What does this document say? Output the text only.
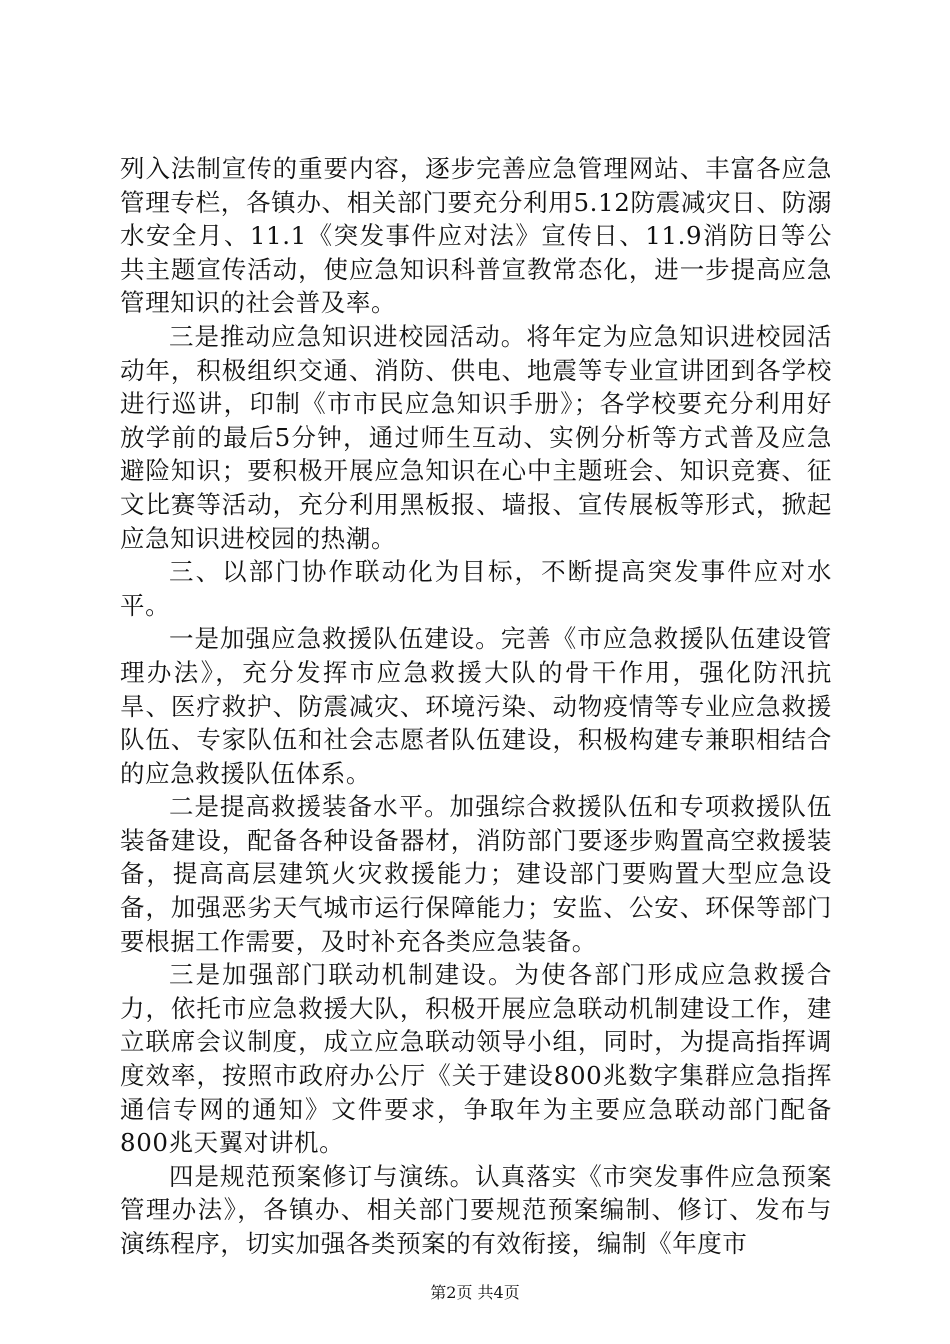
列入法制宣传的重要内容，逐步完善应急管理网站、丰富各应急管理专栏，各镇办、相关部门要充分利用5.12防震减灾日、防溺水安全月、11.1《突发事件应对法》宣传日、11.9消防日等公共主题宣传活动，使应急知识科普宣教常态化，进一步提高应急管理知识的社会普及率。

三是推动应急知识进校园活动。将年定为应急知识进校园活动年，积极组织交通、消防、供电、地震等专业宣讲团到各学校进行巡讲，印制《市市民应急知识手册》；各学校要充分利用好放学前的最后5分钟，通过师生互动、实例分析等方式普及应急避险知识；要积极开展应急知识在心中主题班会、知识竞赛、征文比赛等活动，充分利用黑板报、墙报、宣传展板等形式，掀起应急知识进校园的热潮。

三、以部门协作联动化为目标，不断提高突发事件应对水平。

一是加强应急救援队伍建设。完善《市应急救援队伍建设管理办法》，充分发挥市应急救援大队的骨干作用，强化防汛抗旱、医疗救护、防震减灾、环境污染、动物疫情等专业应急救援队伍、专家队伍和社会志愿者队伍建设，积极构建专兼职相结合的应急救援队伍体系。

二是提高救援装备水平。加强综合救援队伍和专项救援队伍装备建设，配备各种设备器材，消防部门要逐步购置高空救援装备，提高高层建筑火灾救援能力；建设部门要购置大型应急设备，加强恶劣天气城市运行保障能力；安监、公安、环保等部门要根据工作需要，及时补充各类应急装备。

三是加强部门联动机制建设。为使各部门形成应急救援合力，依托市应急救援大队，积极开展应急联动机制建设工作，建立联席会议制度，成立应急联动领导小组，同时，为提高指挥调度效率，按照市政府办公厅《关于建设800兆数字集群应急指挥通信专网的通知》文件要求，争取年为主要应急联动部门配备800兆天翼对讲机。

四是规范预案修订与演练。认真落实《市突发事件应急预案管理办法》，各镇办、相关部门要规范预案编制、修订、发布与演练程序，切实加强各类预案的有效衔接，编制《年度市

第2页 共4页
